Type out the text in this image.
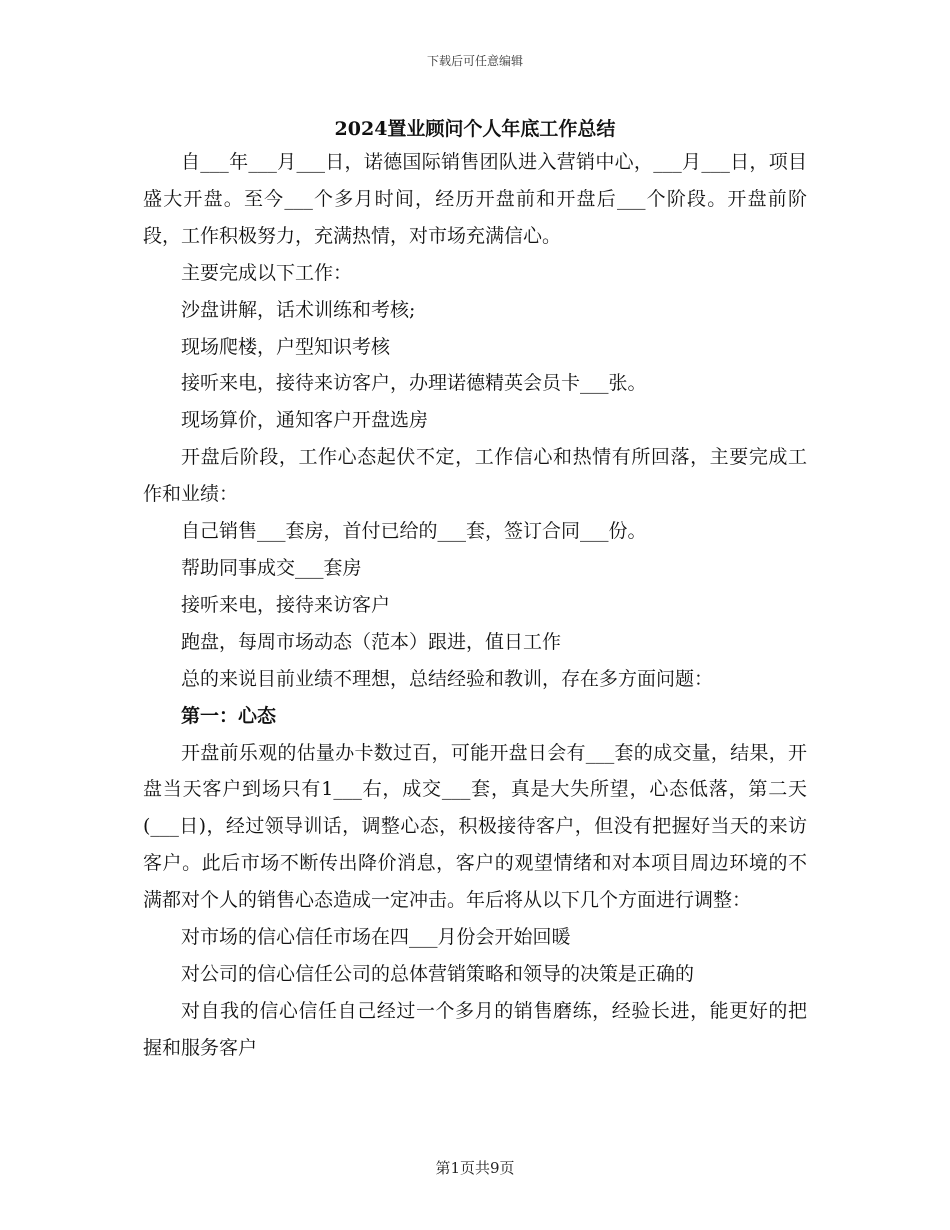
下载后可任意编辑
2024置业顾问个人年底工作总结

自___年___月___日，诺德国际销售团队进入营销中心，___月___日，项目盛大开盘。至今___个多月时间，经历开盘前和开盘后___个阶段。开盘前阶段，工作积极努力，充满热情，对市场充满信心。

主要完成以下工作：

沙盘讲解，话术训练和考核;

现场爬楼，户型知识考核

接听来电，接待来访客户，办理诺德精英会员卡___张。

现场算价，通知客户开盘选房

开盘后阶段，工作心态起伏不定，工作信心和热情有所回落，主要完成工作和业绩：

自己销售___套房，首付已给的___套，签订合同___份。

帮助同事成交___套房

接听来电，接待来访客户

跑盘，每周市场动态（范本）跟进，值日工作

总的来说目前业绩不理想，总结经验和教训，存在多方面问题：

第一：心态

开盘前乐观的估量办卡数过百，可能开盘日会有___套的成交量，结果，开盘当天客户到场只有1___右，成交___套，真是大失所望，心态低落，第二天(___日)，经过领导训话，调整心态，积极接待客户，但没有把握好当天的来访客户。此后市场不断传出降价消息，客户的观望情绪和对本项目周边环境的不满都对个人的销售心态造成一定冲击。年后将从以下几个方面进行调整：

对市场的信心信任市场在四___月份会开始回暖

对公司的信心信任公司的总体营销策略和领导的决策是正确的

对自我的信心信任自己经过一个多月的销售磨练，经验长进，能更好的把握和服务客户

第1页共9页
